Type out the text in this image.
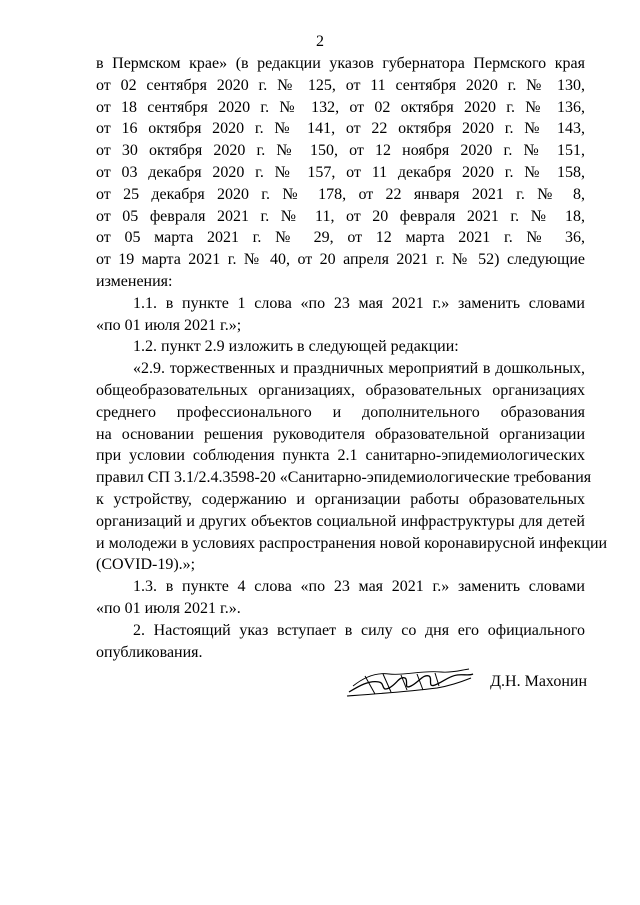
2
в Пермском крае» (в редакции указов губернатора Пермского края
от 02 сентября 2020 г. № 125, от 11 сентября 2020 г. № 130,
от 18 сентября 2020 г. № 132, от 02 октября 2020 г. № 136,
от 16 октября 2020 г. № 141, от 22 октября 2020 г. № 143,
от 30 октября 2020 г. № 150, от 12 ноября 2020 г. № 151,
от 03 декабря 2020 г. № 157, от 11 декабря 2020 г. № 158,
от 25 декабря 2020 г. № 178, от 22 января 2021 г. № 8,
от 05 февраля 2021 г. № 11, от 20 февраля 2021 г. № 18,
от 05 марта 2021 г. № 29, от 12 марта 2021 г. № 36,
от 19 марта 2021 г. № 40, от 20 апреля 2021 г. № 52) следующие
изменения:
1.1. в пункте 1 слова «по 23 мая 2021 г.» заменить словами
«по 01 июля 2021 г.»;
1.2. пункт 2.9 изложить в следующей редакции:
«2.9. торжественных и праздничных мероприятий в дошкольных,
общеобразовательных организациях, образовательных организациях
среднего профессионального и дополнительного образования
на основании решения руководителя образовательной организации
при условии соблюдения пункта 2.1 санитарно-эпидемиологических
правил СП 3.1/2.4.3598-20 «Санитарно-эпидемиологические требования
к устройству, содержанию и организации работы образовательных
организаций и других объектов социальной инфраструктуры для детей
и молодежи в условиях распространения новой коронавирусной инфекции
(COVID-19).»;
1.3. в пункте 4 слова «по 23 мая 2021 г.» заменить словами
«по 01 июля 2021 г.».
2. Настоящий указ вступает в силу со дня его официального
опубликования.
Д.Н. Махонин
